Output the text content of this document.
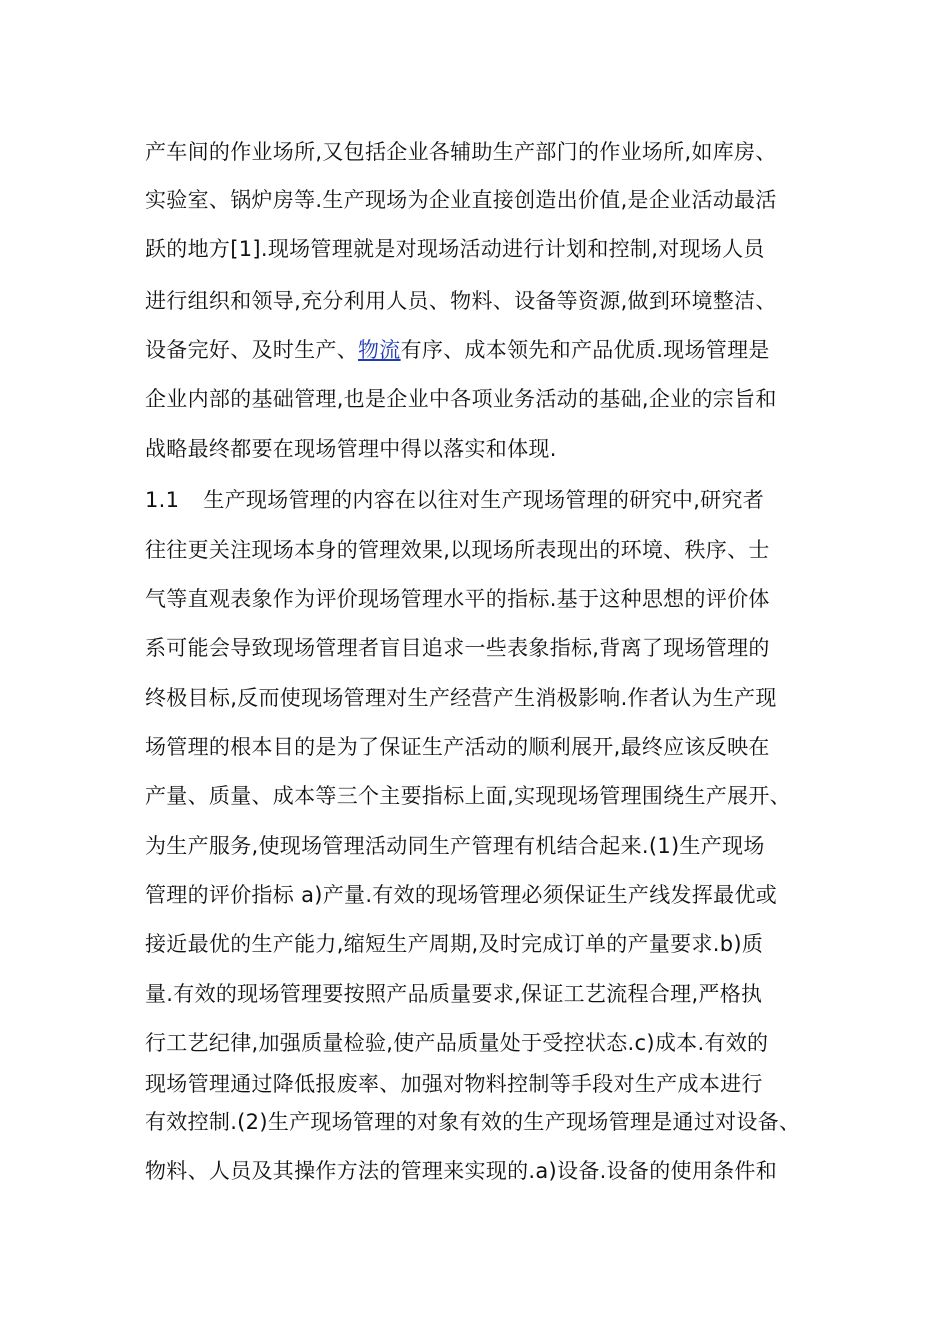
产车间的作业场所,又包括企业各辅助生产部门的作业场所,如库房、
实验室、锅炉房等.生产现场为企业直接创造出价值,是企业活动最活
跃的地方[1].现场管理就是对现场活动进行计划和控制,对现场人员
进行组织和领导,充分利用人员、物料、设备等资源,做到环境整洁、
设备完好、及时生产、物流有序、成本领先和产品优质.现场管理是
企业内部的基础管理,也是企业中各项业务活动的基础,企业的宗旨和
战略最终都要在现场管理中得以落实和体现.
1.1 生产现场管理的内容在以往对生产现场管理的研究中,研究者
往往更关注现场本身的管理效果,以现场所表现出的环境、秩序、士
气等直观表象作为评价现场管理水平的指标.基于这种思想的评价体
系可能会导致现场管理者盲目追求一些表象指标,背离了现场管理的
终极目标,反而使现场管理对生产经营产生消极影响.作者认为生产现
场管理的根本目的是为了保证生产活动的顺利展开,最终应该反映在
产量、质量、成本等三个主要指标上面,实现现场管理围绕生产展开、
为生产服务,使现场管理活动同生产管理有机结合起来.(1)生产现场
管理的评价指标 a)产量.有效的现场管理必须保证生产线发挥最优或
接近最优的生产能力,缩短生产周期,及时完成订单的产量要求.b)质
量.有效的现场管理要按照产品质量要求,保证工艺流程合理,严格执
行工艺纪律,加强质量检验,使产品质量处于受控状态.c)成本.有效的
现场管理通过降低报废率、加强对物料控制等手段对生产成本进行
有效控制.(2)生产现场管理的对象有效的生产现场管理是通过对设备、
物料、人员及其操作方法的管理来实现的.a)设备.设备的使用条件和
